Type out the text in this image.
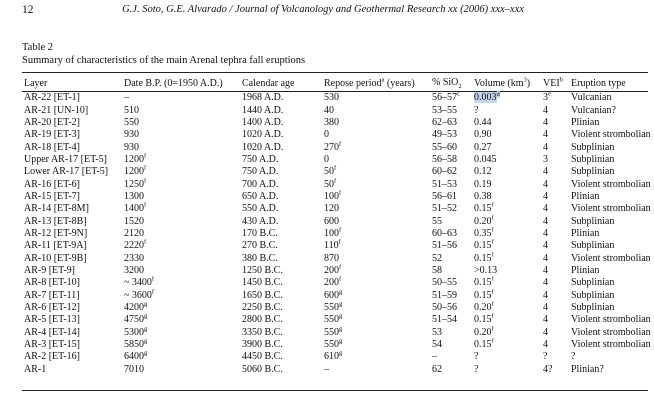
12	G.J. Soto, G.E. Alvarado / Journal of Volcanology and Geothermal Research xx (2006) xxx–xxx
Table 2
Summary of characteristics of the main Arenal tephra fall eruptions
Layer	Date B.P. (0=1950 A.D.)	Calendar age	Repose period$^a$ (years)	% SiO$_2$	Volume $(km^3)$	VEI$^b$	Eruption type
AR-22 [ET-1]	–	1968 A.D.	530	56–57$^c$	0.003$^d$	3e	Vulcanian
AR-21 [UN-10]	510	1440 A.D.	40	53–55	?	4	Vulcanian?
AR-20 [ET-2]	550	1400 A.D.	380	62–63	0.44	4	Plinian
AR-19 [ET-3]	930	1020 A.D.	0	49–53	0.90	4	Violent strombolian
AR-18 [ET-4]	930	1020 A.D.	270$^f$	55–60	0.27	4	Subplinian
Upper AR-17 [ET-5]	1200$^f$	750 A.D.	0	56–58	0.045	3	Subplinian
Lower AR-17 [ET-5]	1200$^f$	750 A.D.	50$^f$	60–62	0.12	4	Subplinian
AR-16 [ET-6]	1250$^f$	700 A.D.	50$^f$	51–53	0.19	4	Violent strombolian
AR-15 [ET-7]	1300	650 A.D.	100$^f$	56–61	0.38	4	Plinian
AR-14 [ET-8M]	1400$^f$	550 A.D.	120	51–52	0.15$^f$	4	Violent strombolian
AR-13 [ET-8B]	1520	430 A.D.	600	55	0.20$^f$	4	Subplinian
AR-12 [ET-9N]	2120	170 B.C.	100$^f$	60–63	0.35$^f$	4	Plinian
AR-11 [ET-9A]	2220$^f$	270 B.C.	110$^f$	51–56	0.15$^f$	4	Subplinian
AR-10 [ET-9B]	2330	380 B.C.	870	52	0.15$^f$	4	Violent strombolian
AR-9 [ET-9]	3200	1250 B.C.	200$^f$	58	>0.13	4	Plinian
AR-8 [ET-10]	~ 3400$^f$	1450 B.C.	200$^f$	50–55	0.15$^f$	4	Subplinian
AR-7 [ET-11]	~ 3600$^f$	1650 B.C.	600$^g$	51–59	0.15$^f$	4	Subplinian
AR-6 [ET-12]	4200$^g$	2250 B.C.	550$^g$	50–56	0.20$^f$	4	Subplinian
AR-5 [ET-13]	4750$^g$	2800 B.C.	550$^g$	51–54	0.15$^f$	4	Violent strombolian
AR-4 [ET-14]	5300$^g$	3350 B.C.	550$^g$	53	0.20$^f$	4	Violent strombolian
AR-3 [ET-15]	5850$^g$	3900 B.C.	550$^g$	54	0.15$^f$	4	Violent strombolian
AR-2 [ET-16]	6400$^g$	4450 B.C.	610$^g$	–	?	?	?
AR-1	7010	5060 B.C.	–	62	?	4?	Plinian?
